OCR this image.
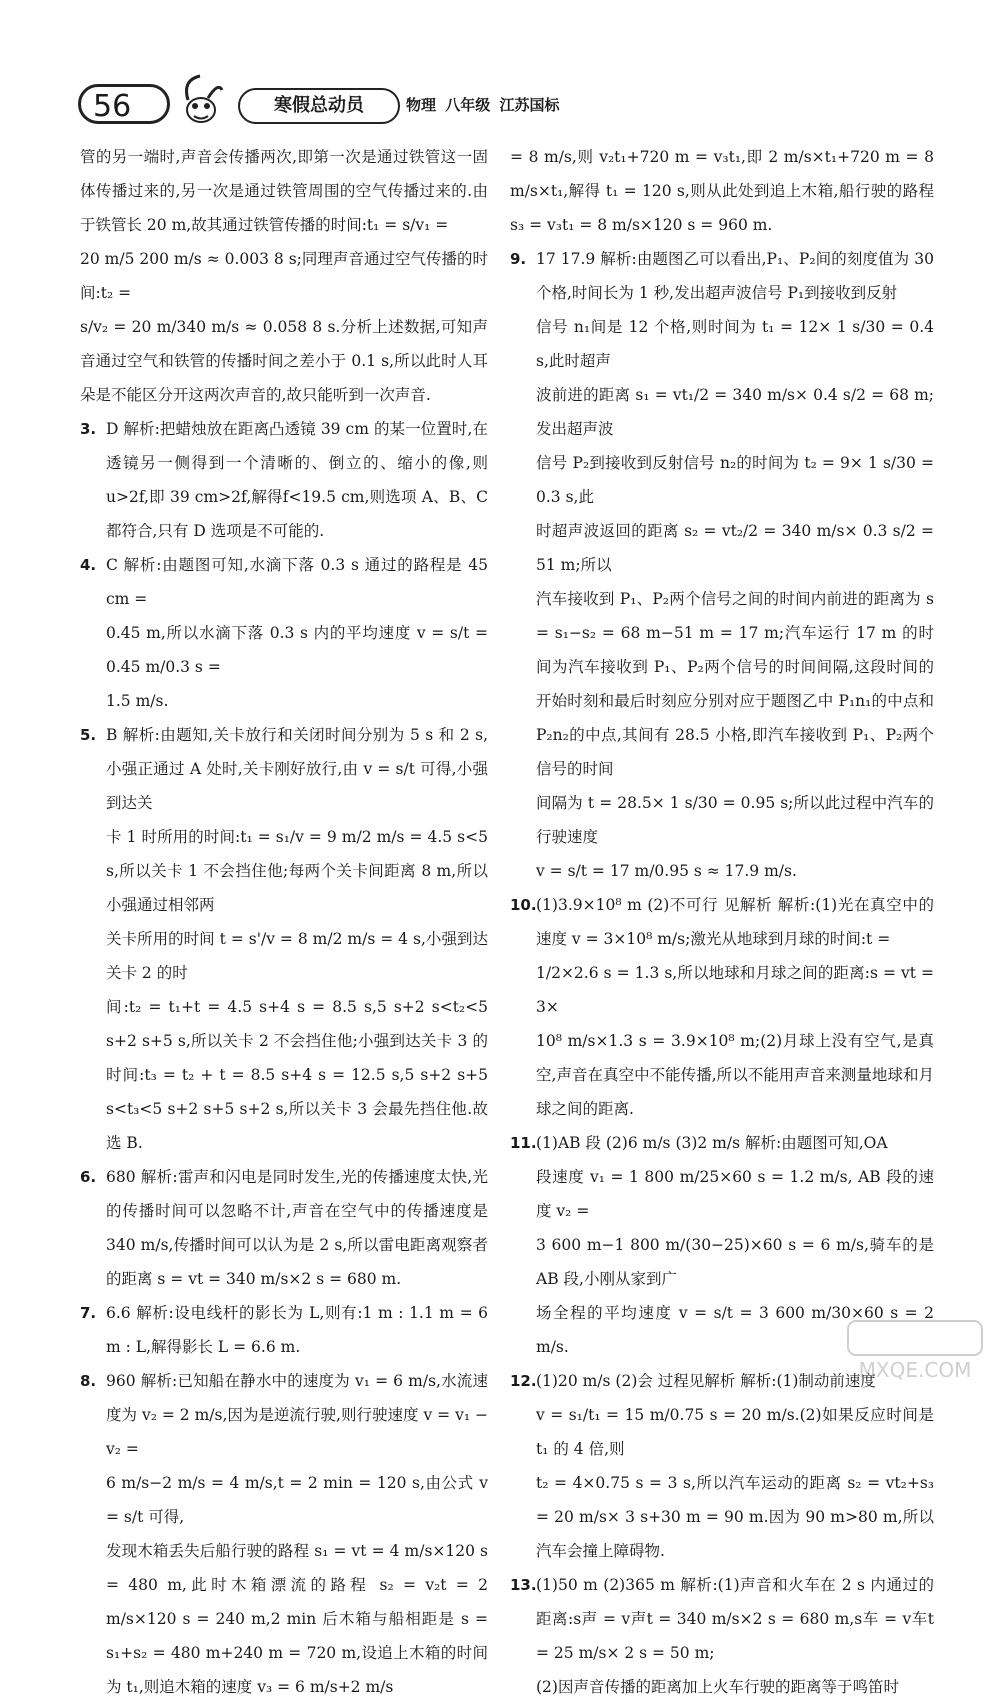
56	寒假总动员	物理 八年级 江苏国标

管的另一端时,声音会传播两次,即第一次是通过铁管这一固体传播过来的,另一次是通过铁管周围的空气传播过来的.由于铁管长 20 m,故其通过铁管传播的时间:t₁ = s/v₁ =

20 m/5 200 m/s ≈ 0.003 8 s;同理声音通过空气传播的时间:t₂ =

s/v₂ = 20 m/340 m/s ≈ 0.058 8 s.分析上述数据,可知声音通过空气和铁管的传播时间之差小于 0.1 s,所以此时人耳朵是不能区分开这两次声音的,故只能听到一次声音.

3. D 解析:把蜡烛放在距离凸透镜 39 cm 的某一位置时,在透镜另一侧得到一个清晰的、倒立的、缩小的像,则 u>2f,即 39 cm>2f,解得f<19.5 cm,则选项 A、B、C 都符合,只有 D 选项是不可能的.

4. C 解析:由题图可知,水滴下落 0.3 s 通过的路程是 45 cm =

0.45 m,所以水滴下落 0.3 s 内的平均速度 v = s/t = 0.45 m/0.3 s =

1.5 m/s.

5. B 解析:由题知,关卡放行和关闭时间分别为 5 s 和 2 s,小强正通过 A 处时,关卡刚好放行,由 v = s/t 可得,小强到达关

卡 1 时所用的时间:t₁ = s₁/v = 9 m/2 m/s = 4.5 s<5 s,所以关卡 1 不会挡住他;每两个关卡间距离 8 m,所以小强通过相邻两

关卡所用的时间 t = s'/v = 8 m/2 m/s = 4 s,小强到达关卡 2 的时

间:t₂ = t₁+t = 4.5 s+4 s = 8.5 s,5 s+2 s<t₂<5 s+2 s+5 s,所以关卡 2 不会挡住他;小强到达关卡 3 的时间:t₃ = t₂ + t = 8.5 s+4 s = 12.5 s,5 s+2 s+5 s<t₃<5 s+2 s+5 s+2 s,所以关卡 3 会最先挡住他.故选 B.

6. 680 解析:雷声和闪电是同时发生,光的传播速度太快,光的传播时间可以忽略不计,声音在空气中的传播速度是 340 m/s,传播时间可以认为是 2 s,所以雷电距离观察者的距离 s = vt = 340 m/s×2 s = 680 m.

7. 6.6 解析:设电线杆的影长为 L,则有:1 m : 1.1 m = 6 m : L,解得影长 L = 6.6 m.

8. 960 解析:已知船在静水中的速度为 v₁ = 6 m/s,水流速度为 v₂ = 2 m/s,因为是逆流行驶,则行驶速度 v = v₁ − v₂ =

6 m/s−2 m/s = 4 m/s,t = 2 min = 120 s,由公式 v = s/t 可得,

发现木箱丢失后船行驶的路程 s₁ = vt = 4 m/s×120 s = 480 m,此时木箱漂流的路程 s₂ = v₂t = 2 m/s×120 s = 240 m,2 min 后木箱与船相距是 s = s₁+s₂ = 480 m+240 m = 720 m,设追上木箱的时间为 t₁,则追木箱的速度 v₃ = 6 m/s+2 m/s

= 8 m/s,则 v₂t₁+720 m = v₃t₁,即 2 m/s×t₁+720 m = 8 m/s×t₁,解得 t₁ = 120 s,则从此处到追上木箱,船行驶的路程 s₃ = v₃t₁ = 8 m/s×120 s = 960 m.

9. 17 17.9 解析:由题图乙可以看出,P₁、P₂间的刻度值为 30 个格,时间长为 1 秒,发出超声波信号 P₁到接收到反射

信号 n₁间是 12 个格,则时间为 t₁ = 12× 1 s/30 = 0.4 s,此时超声

波前进的距离 s₁ = vt₁/2 = 340 m/s× 0.4 s/2 = 68 m;发出超声波

信号 P₂到接收到反射信号 n₂的时间为 t₂ = 9× 1 s/30 = 0.3 s,此

时超声波返回的距离 s₂ = vt₂/2 = 340 m/s× 0.3 s/2 = 51 m;所以

汽车接收到 P₁、P₂两个信号之间的时间内前进的距离为 s = s₁−s₂ = 68 m−51 m = 17 m;汽车运行 17 m 的时间为汽车接收到 P₁、P₂两个信号的时间间隔,这段时间的开始时刻和最后时刻应分别对应于题图乙中 P₁n₁的中点和 P₂n₂的中点,其间有 28.5 小格,即汽车接收到 P₁、P₂两个信号的时间

间隔为 t = 28.5× 1 s/30 = 0.95 s;所以此过程中汽车的行驶速度

v = s/t = 17 m/0.95 s ≈ 17.9 m/s.

10. (1)3.9×10⁸ m (2)不可行 见解析 解析:(1)光在真空中的速度 v = 3×10⁸ m/s;激光从地球到月球的时间:t =

1/2×2.6 s = 1.3 s,所以地球和月球之间的距离:s = vt = 3×

10⁸ m/s×1.3 s = 3.9×10⁸ m;(2)月球上没有空气,是真空,声音在真空中不能传播,所以不能用声音来测量地球和月球之间的距离.

11. (1)AB 段 (2)6 m/s (3)2 m/s 解析:由题图可知,OA

段速度 v₁ = 1 800 m/25×60 s = 1.2 m/s, AB 段的速度 v₂ =

3 600 m−1 800 m/(30−25)×60 s = 6 m/s,骑车的是 AB 段,小刚从家到广

场全程的平均速度 v = s/t = 3 600 m/30×60 s = 2 m/s.

12. (1)20 m/s (2)会 过程见解析 解析:(1)制动前速度

v = s₁/t₁ = 15 m/0.75 s = 20 m/s.(2)如果反应时间是 t₁ 的 4 倍,则

t₂ = 4×0.75 s = 3 s,所以汽车运动的距离 s₂ = vt₂+s₃ = 20 m/s× 3 s+30 m = 90 m.因为 90 m>80 m,所以汽车会撞上障碍物.

13. (1)50 m (2)365 m 解析:(1)声音和火车在 2 s 内通过的距离:s声 = v声t = 340 m/s×2 s = 680 m,s车 = v车t = 25 m/s× 2 s = 50 m;

(2)因声音传播的距离加上火车行驶的距离等于鸣笛时

MXQE.COM
